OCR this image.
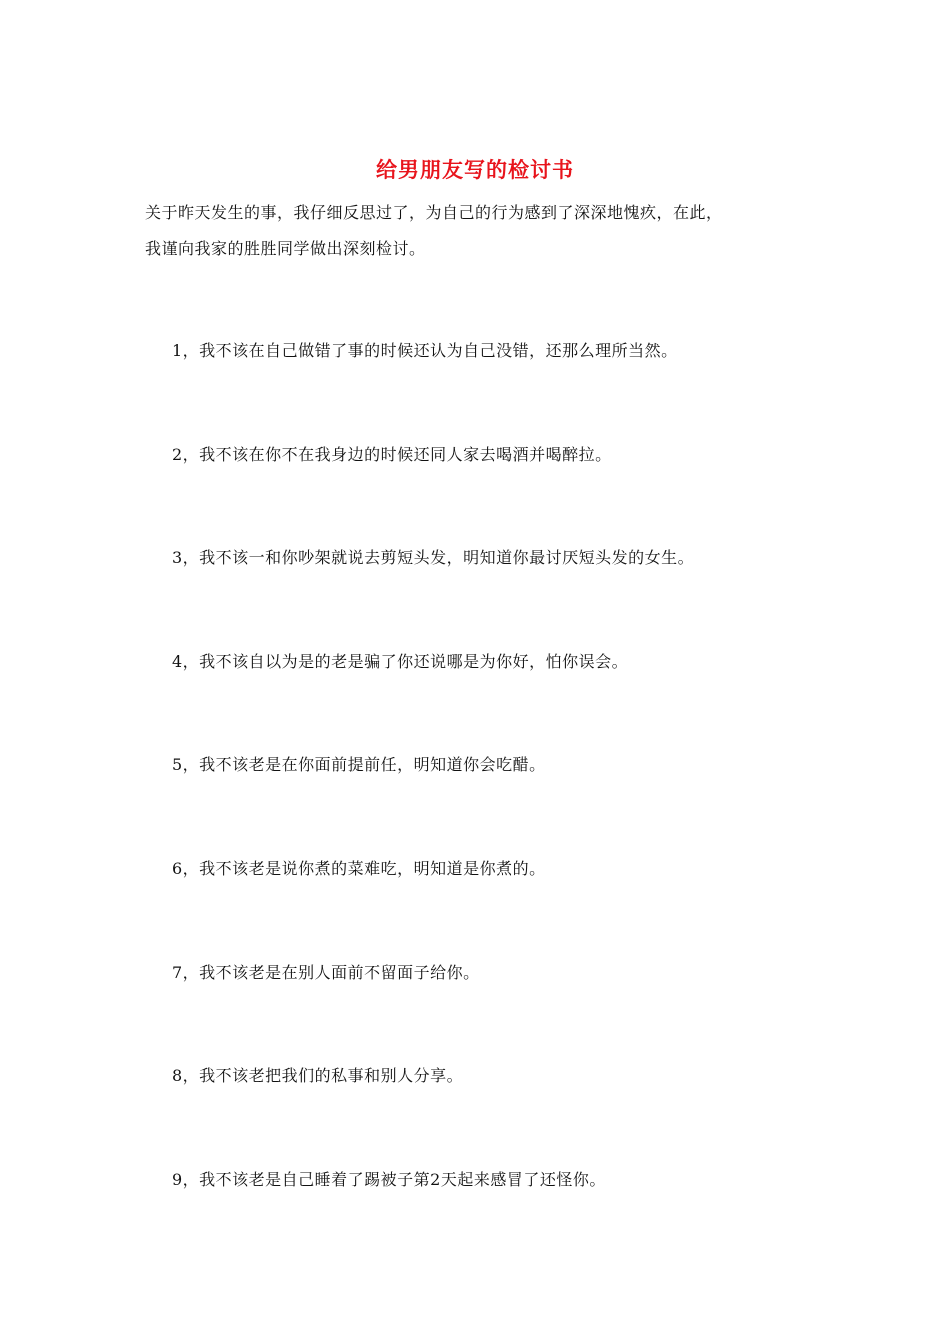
给男朋友写的检讨书
关于昨天发生的事，我仔细反思过了，为自己的行为感到了深深地愧疚，在此，
我谨向我家的胜胜同学做出深刻检讨。
1，我不该在自己做错了事的时候还认为自己没错，还那么理所当然。
2，我不该在你不在我身边的时候还同人家去喝酒并喝醉拉。
3，我不该一和你吵架就说去剪短头发，明知道你最讨厌短头发的女生。
4，我不该自以为是的老是骗了你还说哪是为你好，怕你误会。
5，我不该老是在你面前提前任，明知道你会吃醋。
6，我不该老是说你煮的菜难吃，明知道是你煮的。
7，我不该老是在别人面前不留面子给你。
8，我不该老把我们的私事和别人分享。
9，我不该老是自己睡着了踢被子第2天起来感冒了还怪你。
